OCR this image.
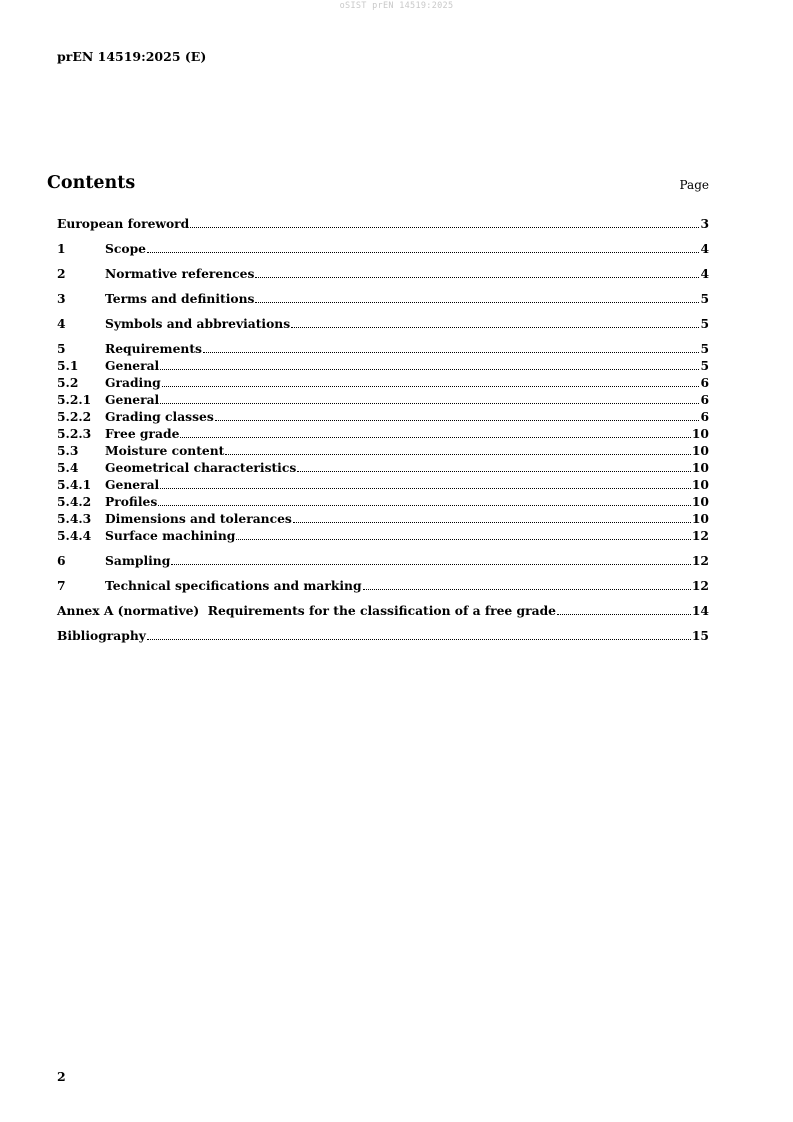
oSIST prEN 14519:2025
prEN 14519:2025 (E)
Contents	Page
European foreword	3
1	Scope	4
2	Normative references	4
3	Terms and definitions	5
4	Symbols and abbreviations	5
5	Requirements	5
5.1	General	5
5.2	Grading	6
5.2.1	General	6
5.2.2	Grading classes	6
5.2.3	Free grade	10
5.3	Moisture content	10
5.4	Geometrical characteristics	10
5.4.1	General	10
5.4.2	Profiles	10
5.4.3	Dimensions and tolerances	10
5.4.4	Surface machining	12
6	Sampling	12
7	Technical specifications and marking	12
Annex A (normative)  Requirements for the classification of a free grade	14
Bibliography	15
2
